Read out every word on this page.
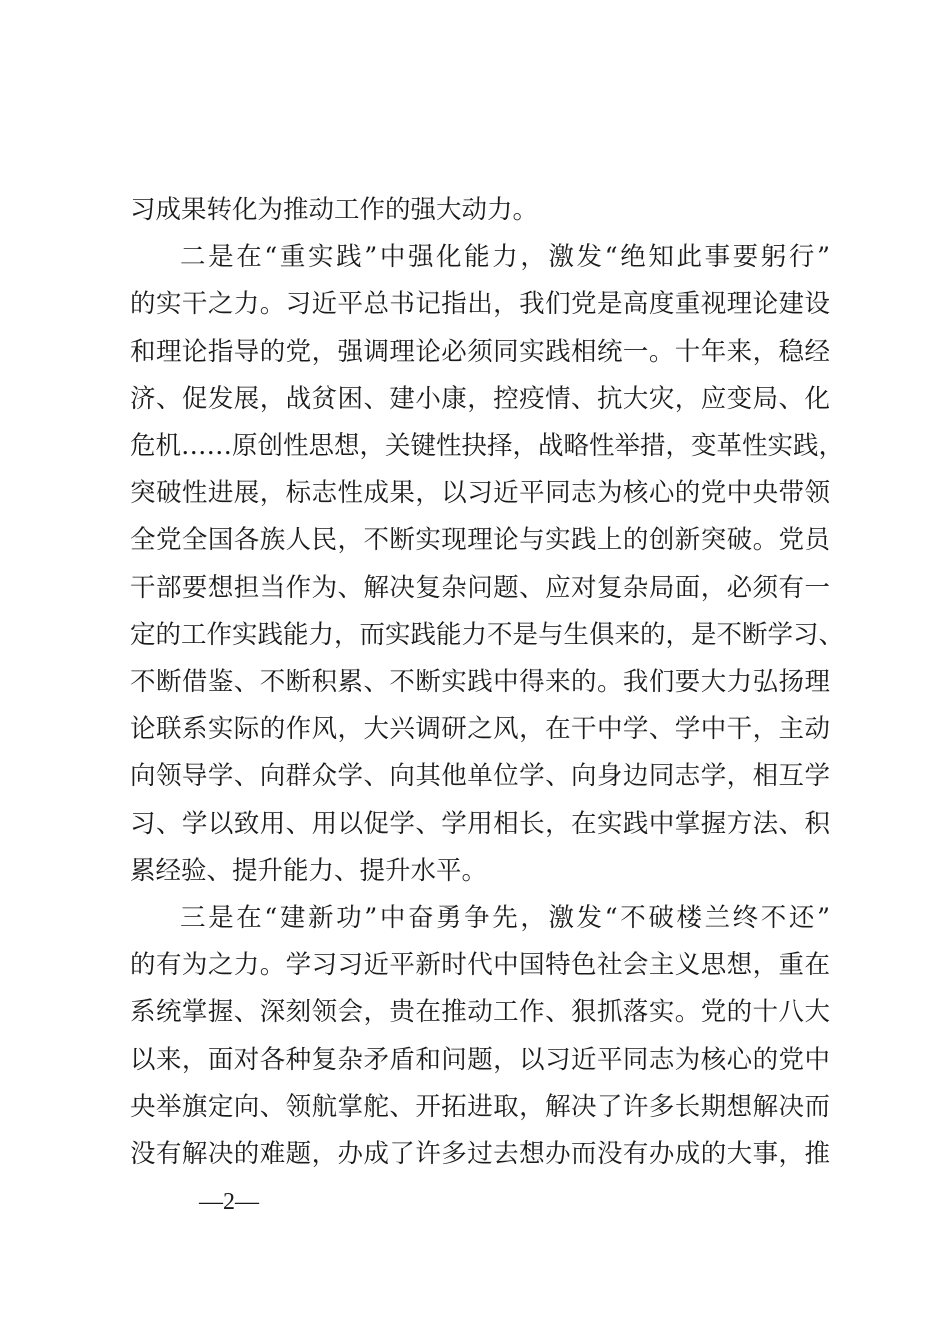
习成果转化为推动工作的强大动力。
二是在“重实践”中强化能力，激发“绝知此事要躬行”
的实干之力。习近平总书记指出，我们党是高度重视理论建设
和理论指导的党，强调理论必须同实践相统一。十年来，稳经
济、促发展，战贫困、建小康，控疫情、抗大灾，应变局、化
危机……原创性思想，关键性抉择，战略性举措，变革性实践，
突破性进展，标志性成果，以习近平同志为核心的党中央带领
全党全国各族人民，不断实现理论与实践上的创新突破。党员
干部要想担当作为、解决复杂问题、应对复杂局面，必须有一
定的工作实践能力，而实践能力不是与生俱来的，是不断学习、
不断借鉴、不断积累、不断实践中得来的。我们要大力弘扬理
论联系实际的作风，大兴调研之风，在干中学、学中干，主动
向领导学、向群众学、向其他单位学、向身边同志学，相互学
习、学以致用、用以促学、学用相长，在实践中掌握方法、积
累经验、提升能力、提升水平。
三是在“建新功”中奋勇争先，激发“不破楼兰终不还”
的有为之力。学习习近平新时代中国特色社会主义思想，重在
系统掌握、深刻领会，贵在推动工作、狠抓落实。党的十八大
以来，面对各种复杂矛盾和问题，以习近平同志为核心的党中
央举旗定向、领航掌舵、开拓进取，解决了许多长期想解决而
没有解决的难题，办成了许多过去想办而没有办成的大事，推
—2—
